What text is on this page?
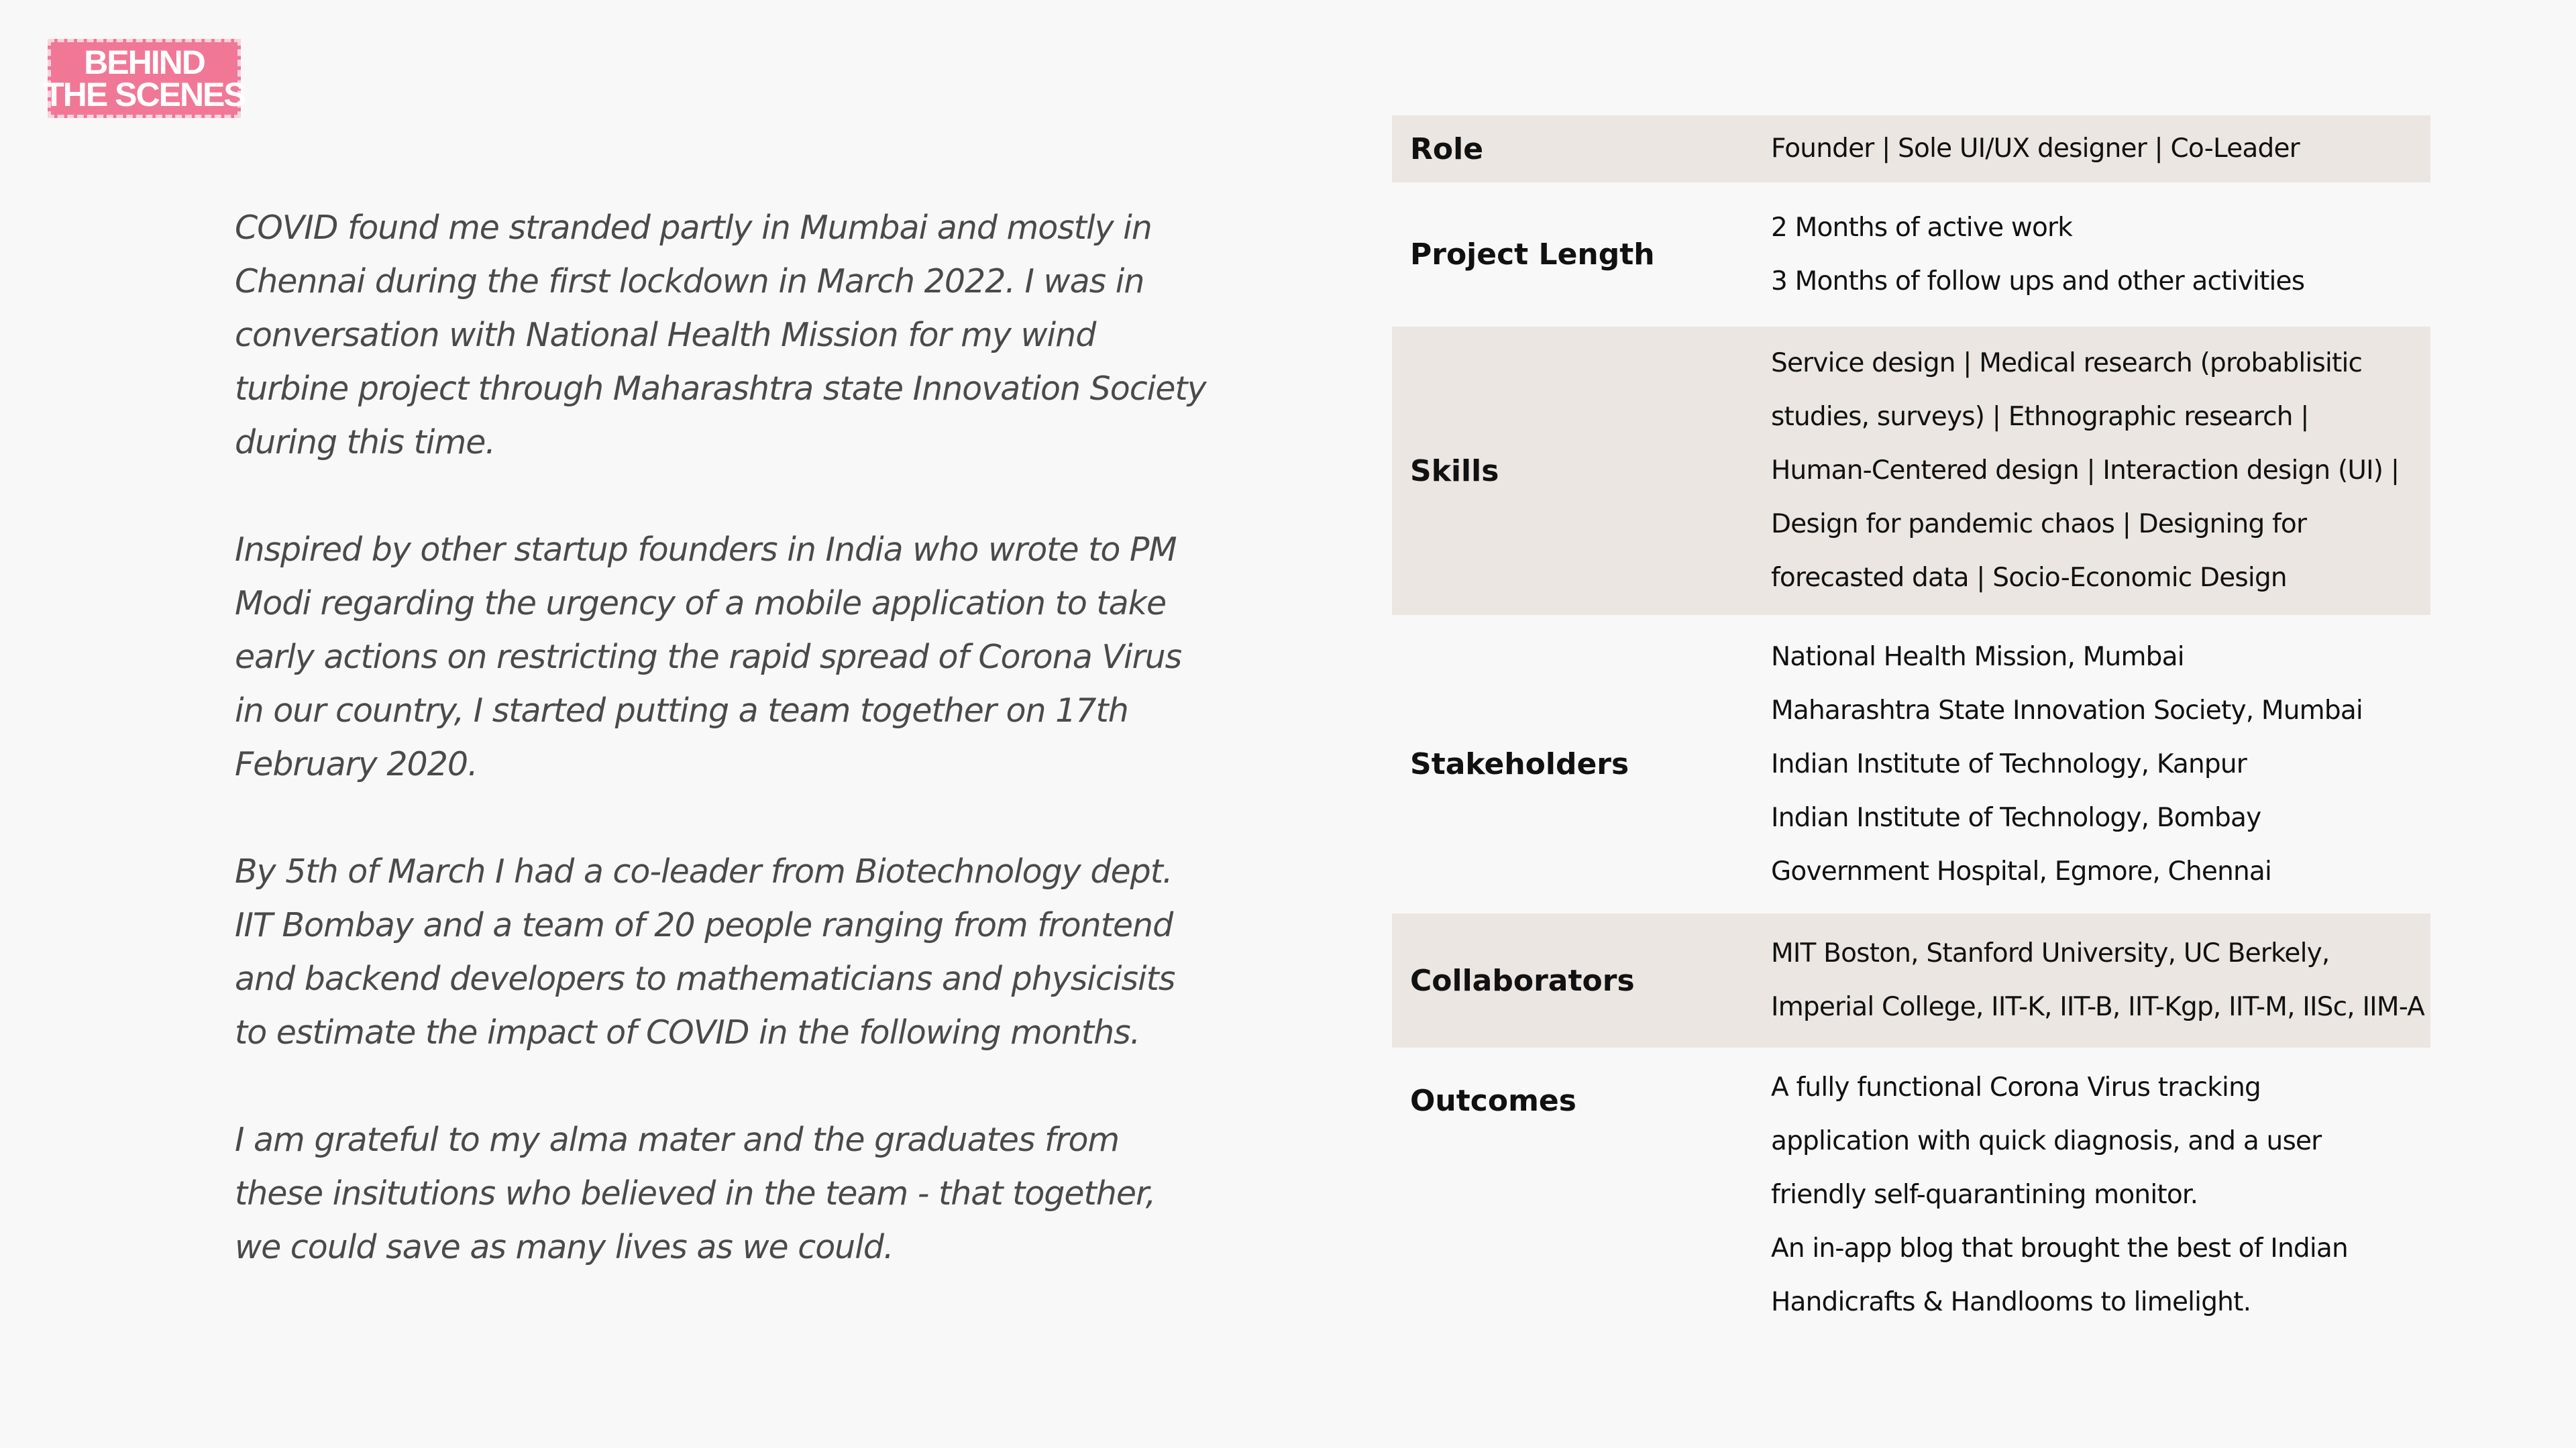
BEHIND
THE SCENES

COVID found me stranded partly in Mumbai and mostly in Chennai during the first lockdown in March 2022. I was in conversation with National Health Mission for my wind turbine project through Maharashtra state Innovation Society during this time.

Inspired by other startup founders in India who wrote to PM Modi regarding the urgency of a mobile application to take early actions on restricting the rapid spread of Corona Virus in our country, I started putting a team together on 17th February 2020.

By 5th of March I had a co-leader from Biotechnology dept. IIT Bombay and a team of 20 people ranging from frontend and backend developers to mathematicians and physicisits to estimate the impact of COVID in the following months.

I am grateful to my alma mater and the graduates from these insitutions who believed in the team - that together, we could save as many lives as we could.

Role	Founder | Sole UI/UX designer | Co-Leader
Project Length
2 Months of active work
3 Months of follow ups and other activities
Skills
Service design | Medical research (probablisitic
studies, surveys) | Ethnographic research |
Human-Centered design | Interaction design (UI) |
Design for pandemic chaos | Designing for
forecasted data | Socio-Economic Design
Stakeholders
National Health Mission, Mumbai
Maharashtra State Innovation Society, Mumbai
Indian Institute of Technology, Kanpur
Indian Institute of Technology, Bombay
Government Hospital, Egmore, Chennai
Collaborators
MIT Boston, Stanford University, UC Berkely,
Imperial College, IIT-K, IIT-B, IIT-Kgp, IIT-M, IISc, IIM-A
Outcomes	A fully functional Corona Virus tracking
application with quick diagnosis, and a user
friendly self-quarantining monitor.
An in-app blog that brought the best of Indian
Handicrafts & Handlooms to limelight.
